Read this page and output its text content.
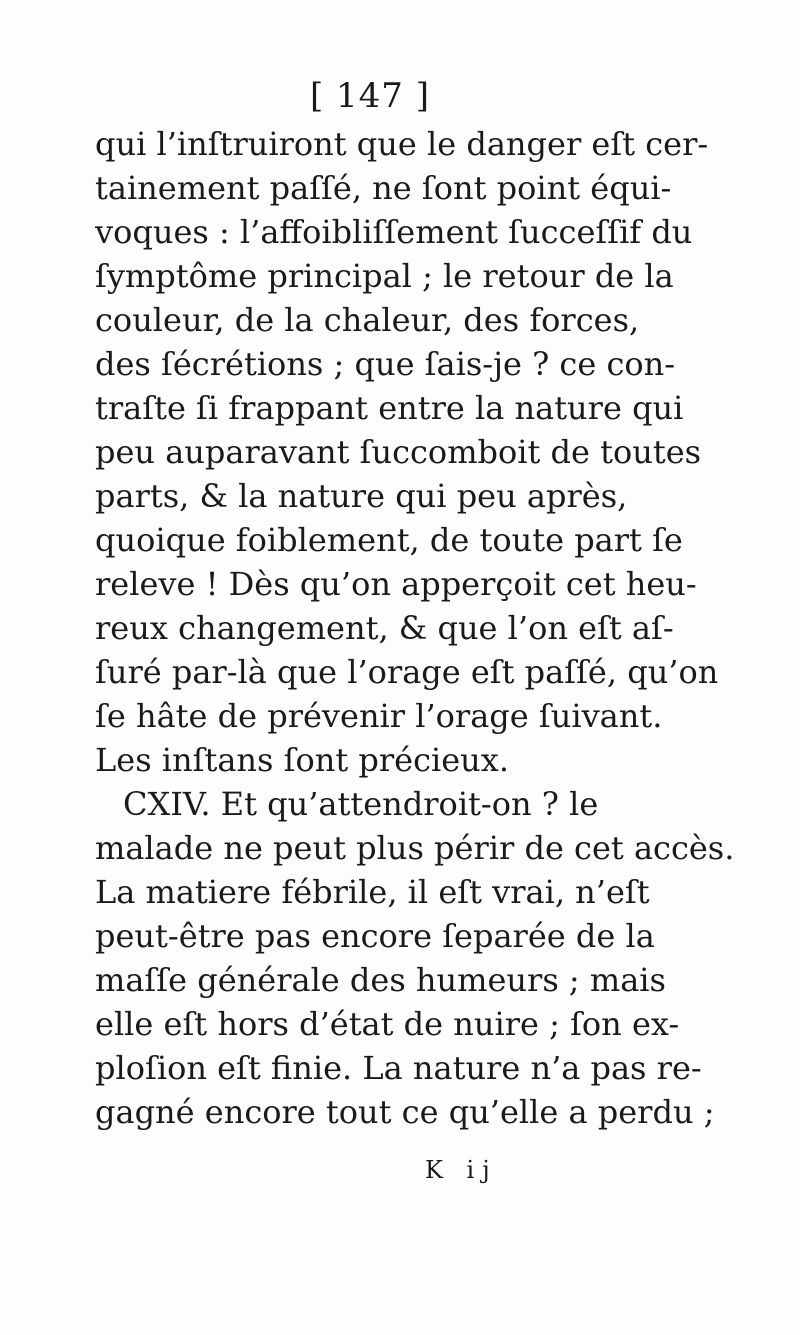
[ 147 ]
qui l’inſtruiront que le danger eſt cer-
tainement paſſé, ne ſont point équi-
voques : l’affoibliſſement ſucceſſif du
ſymptôme principal ; le retour de la
couleur, de la chaleur, des forces,
des ſécrétions ; que ſais-je ? ce con-
traſte ſi frappant entre la nature qui
peu auparavant ſuccomboit de toutes
parts, & la nature qui peu après,
quoique foiblement, de toute part ſe
releve ! Dès qu’on apperçoit cet heu-
reux changement, & que l’on eſt aſ-
ſuré par-là que l’orage eſt paſſé, qu’on
ſe hâte de prévenir l’orage ſuivant.
Les inſtans ſont précieux.
CXIV. Et qu’attendroit-on ? le
malade ne peut plus périr de cet accès.
La matiere fébrile, il eſt vrai, n’eſt
peut-être pas encore ſeparée de la
maſſe générale des humeurs ; mais
elle eſt hors d’état de nuire ; ſon ex-
ploſion eſt finie. La nature n’a pas re-
gagné encore tout ce qu’elle a perdu ;
K ij
